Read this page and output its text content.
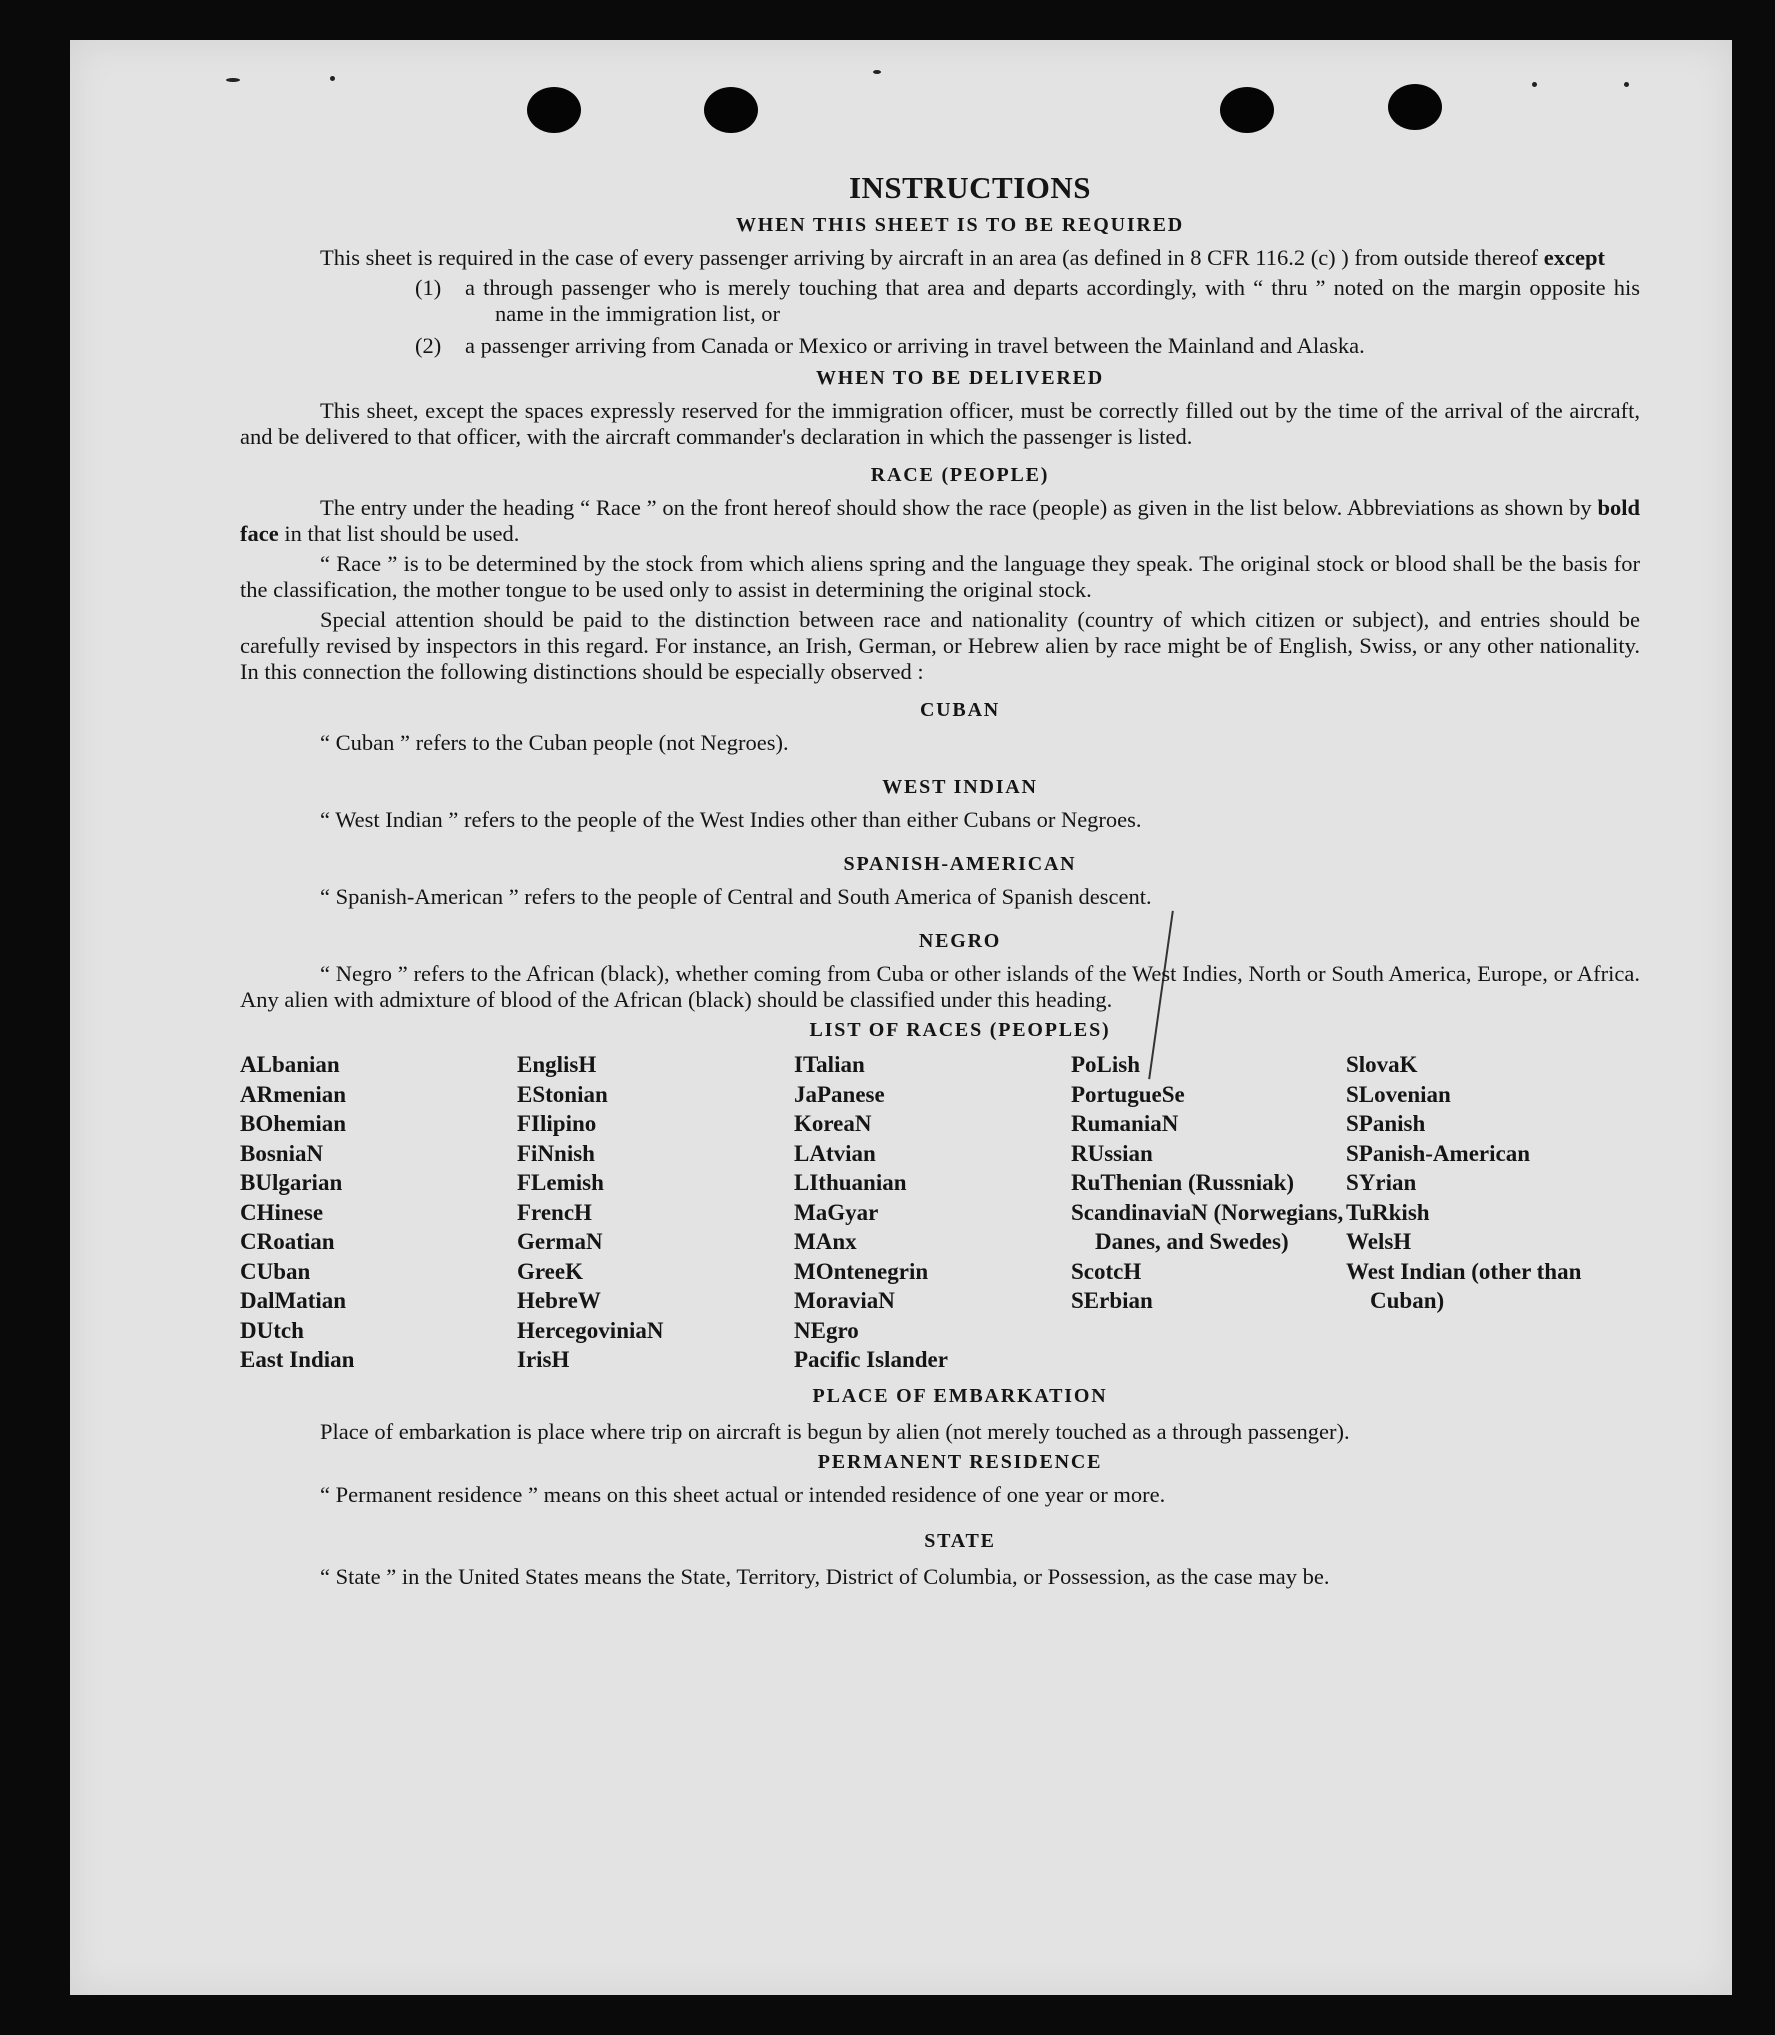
INSTRUCTIONS
WHEN THIS SHEET IS TO BE REQUIRED

This sheet is required in the case of every passenger arriving by aircraft in an area (as defined in 8 CFR 116.2 (c) ) from outside thereof except

(1) a through passenger who is merely touching that area and departs accordingly, with “ thru ” noted on the margin opposite his name in the immigration list, or

(2) a passenger arriving from Canada or Mexico or arriving in travel between the Mainland and Alaska.

WHEN TO BE DELIVERED

This sheet, except the spaces expressly reserved for the immigration officer, must be correctly filled out by the time of the arrival of the aircraft, and be delivered to that officer, with the aircraft commander's declaration in which the passenger is listed.

RACE (PEOPLE)

The entry under the heading “ Race ” on the front hereof should show the race (people) as given in the list below. Abbreviations as shown by bold face in that list should be used.

“ Race ” is to be determined by the stock from which aliens spring and the language they speak. The original stock or blood shall be the basis for the classification, the mother tongue to be used only to assist in determining the original stock.

Special attention should be paid to the distinction between race and nationality (country of which citizen or subject), and entries should be carefully revised by inspectors in this regard. For instance, an Irish, German, or Hebrew alien by race might be of English, Swiss, or any other nationality. In this connection the following distinctions should be especially observed :

CUBAN

“ Cuban ” refers to the Cuban people (not Negroes).

WEST INDIAN

“ West Indian ” refers to the people of the West Indies other than either Cubans or Negroes.

SPANISH-AMERICAN

“ Spanish-American ” refers to the people of Central and South America of Spanish descent.

NEGRO

“ Negro ” refers to the African (black), whether coming from Cuba or other islands of the West Indies, North or South America, Europe, or Africa. Any alien with admixture of blood of the African (black) should be classified under this heading.

LIST OF RACES (PEOPLES)
ALbanian
ARmenian
BOhemian
BosniaN
BUlgarian
CHinese
CRoatian
CUban
DalMatian
DUtch
East Indian
EnglisH
EStonian
FIlipino
FiNnish
FLemish
FrencH
GermaN
GreeK
HebreW
HercegoviniaN
IrisH
ITalian
JaPanese
KoreaN
LAtvian
LIthuanian
MaGyar
MAnx
MOntenegrin
MoraviaN
NEgro
Pacific Islander
PoLish
PortugueSe
RumaniaN
RUssian
RuThenian (Russniak)
ScandinaviaN (Norwegians, Danes, and Swedes)
ScotcH
SErbian
SlovaK
SLovenian
SPanish
SPanish-American
SYrian
TuRkish
WelsH
West Indian (other than Cuban)
PLACE OF EMBARKATION

Place of embarkation is place where trip on aircraft is begun by alien (not merely touched as a through passenger).

PERMANENT RESIDENCE

“ Permanent residence ” means on this sheet actual or intended residence of one year or more.

STATE

“ State ” in the United States means the State, Territory, District of Columbia, or Possession, as the case may be.
